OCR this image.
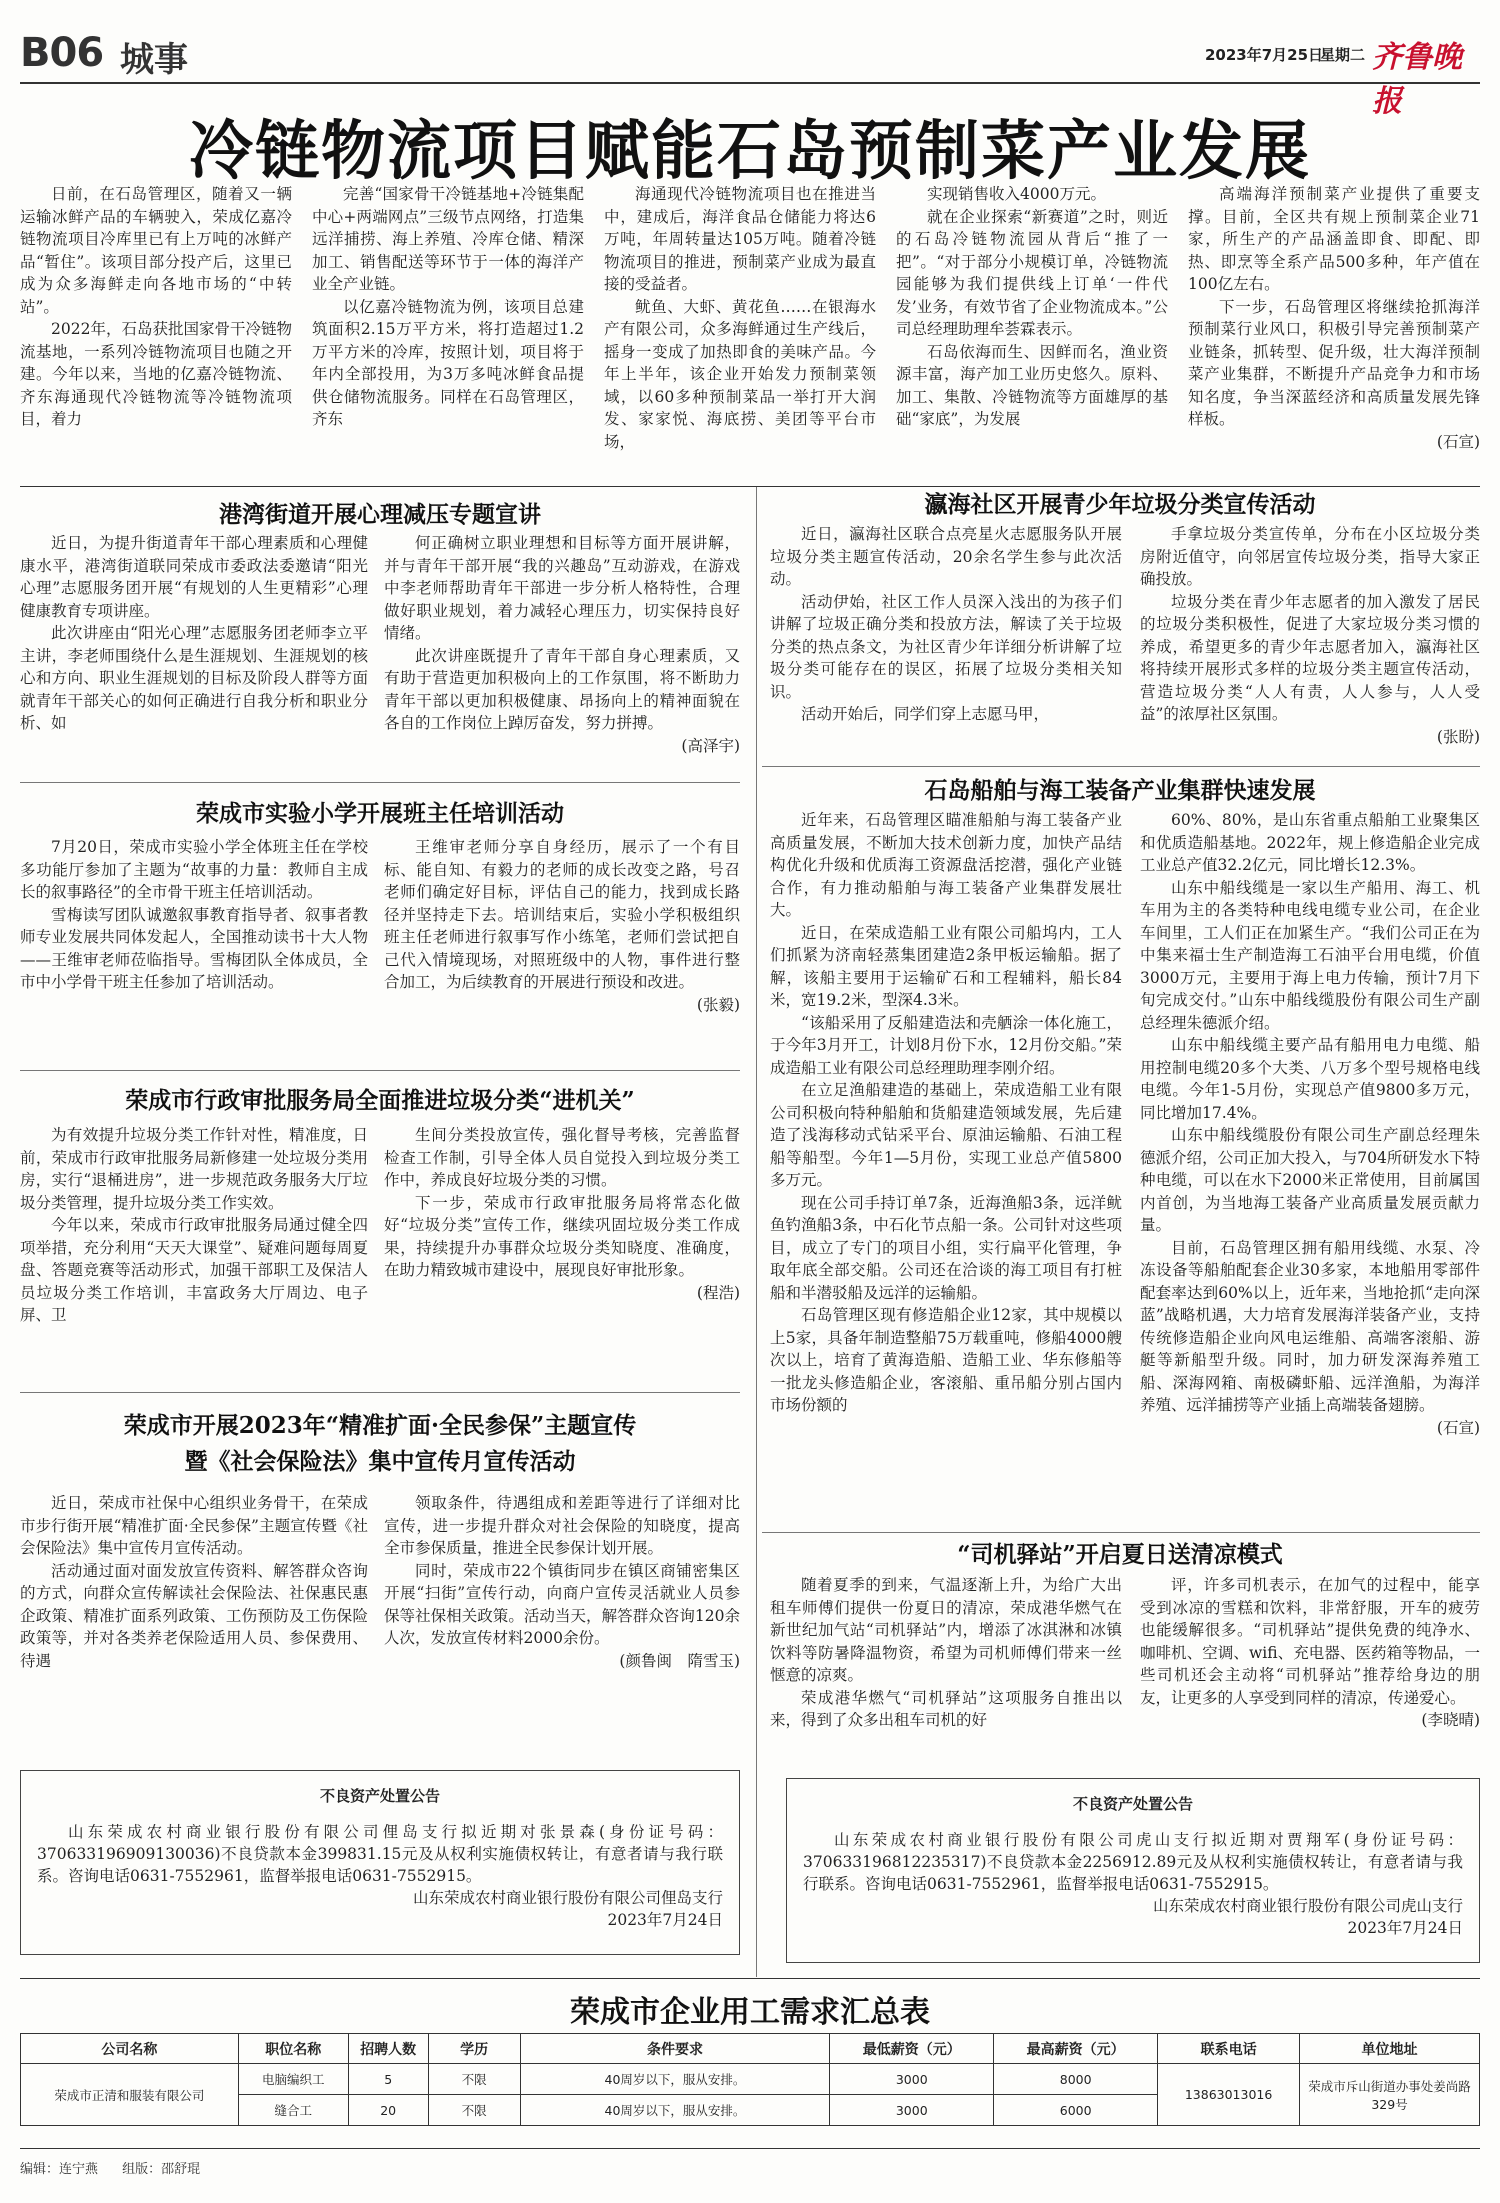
B06 城事	2023年7月25日
星期二 齐鲁晚报
冷链物流项目赋能石岛预制菜产业发展

日前，在石岛管理区，随着又一辆运输冰鲜产品的车辆驶入，荣成亿嘉冷链物流项目冷库里已有上万吨的冰鲜产品“暂住”。该项目部分投产后，这里已成为众多海鲜走向各地市场的“中转站”。

2022年，石岛获批国家骨干冷链物流基地，一系列冷链物流项目也随之开建。今年以来，当地的亿嘉冷链物流、齐东海通现代冷链物流等冷链物流项目，着力

完善“国家骨干冷链基地+冷链集配中心+两端网点”三级节点网络，打造集远洋捕捞、海上养殖、冷库仓储、精深加工、销售配送等环节于一体的海洋产业全产业链。

以亿嘉冷链物流为例，该项目总建筑面积2.15万平方米，将打造超过1.2万平方米的冷库，按照计划，项目将于年内全部投用，为3万多吨冰鲜食品提供仓储物流服务。同样在石岛管理区，齐东

海通现代冷链物流项目也在推进当中，建成后，海洋食品仓储能力将达6万吨，年周转量达105万吨。随着冷链物流项目的推进，预制菜产业成为最直接的受益者。

鱿鱼、大虾、黄花鱼……在银海水产有限公司，众多海鲜通过生产线后，摇身一变成了加热即食的美味产品。今年上半年，该企业开始发力预制菜领域，以60多种预制菜品一举打开大润发、家家悦、海底捞、美团等平台市场，

实现销售收入4000万元。

就在企业探索“新赛道”之时，则近的石岛冷链物流园从背后“推了一把”。“对于部分小规模订单，冷链物流园能够为我们提供线上订单‘一件代发’业务，有效节省了企业物流成本。”公司总经理助理牟荟霖表示。

石岛依海而生、因鲜而名，渔业资源丰富，海产加工业历史悠久。原料、加工、集散、冷链物流等方面雄厚的基础“家底”，为发展

高端海洋预制菜产业提供了重要支撑。目前，全区共有规上预制菜企业71家，所生产的产品涵盖即食、即配、即热、即烹等全系产品500多种，年产值在100亿左右。

下一步，石岛管理区将继续抢抓海洋预制菜行业风口，积极引导完善预制菜产业链条，抓转型、促升级，壮大海洋预制菜产业集群，不断提升产品竞争力和市场知名度，争当深蓝经济和高质量发展先锋样板。

(石宣)

港湾街道开展心理减压专题宣讲

近日，为提升街道青年干部心理素质和心理健康水平，港湾街道联同荣成市委政法委邀请“阳光心理”志愿服务团开展“有规划的人生更精彩”心理健康教育专项讲座。

此次讲座由“阳光心理”志愿服务团老师李立平主讲，李老师围绕什么是生涯规划、生涯规划的核心和方向、职业生涯规划的目标及阶段人群等方面就青年干部关心的如何正确进行自我分析和职业分析、如

何正确树立职业理想和目标等方面开展讲解，并与青年干部开展“我的兴趣岛”互动游戏，在游戏中李老师帮助青年干部进一步分析人格特性，合理做好职业规划，着力减轻心理压力，切实保持良好情绪。

此次讲座既提升了青年干部自身心理素质，又有助于营造更加积极向上的工作氛围，将不断助力青年干部以更加积极健康、昂扬向上的精神面貌在各自的工作岗位上踔厉奋发，努力拼搏。

(高泽宇)

荣成市实验小学开展班主任培训活动

7月20日，荣成市实验小学全体班主任在学校多功能厅参加了主题为“故事的力量：教师自主成长的叙事路径”的全市骨干班主任培训活动。

雪梅读写团队诚邀叙事教育指导者、叙事者教师专业发展共同体发起人，全国推动读书十大人物——王维审老师莅临指导。雪梅团队全体成员，全市中小学骨干班主任参加了培训活动。

王维审老师分享自身经历，展示了一个有目标、能自知、有毅力的老师的成长改变之路，号召老师们确定好目标，评估自己的能力，找到成长路径并坚持走下去。培训结束后，实验小学积极组织班主任老师进行叙事写作小练笔，老师们尝试把自己代入情境现场，对照班级中的人物，事件进行整合加工，为后续教育的开展进行预设和改进。

(张毅)

荣成市行政审批服务局全面推进垃圾分类“进机关”

为有效提升垃圾分类工作针对性，精准度，日前，荣成市行政审批服务局新修建一处垃圾分类用房，实行“退桶进房”，进一步规范政务服务大厅垃圾分类管理，提升垃圾分类工作实效。

今年以来，荣成市行政审批服务局通过健全四项举措，充分利用“天天大课堂”、疑难问题每周夏盘、答题竞赛等活动形式，加强干部职工及保洁人员垃圾分类工作培训，丰富政务大厅周边、电子屏、卫

生间分类投放宣传，强化督导考核，完善监督检查工作制，引导全体人员自觉投入到垃圾分类工作中，养成良好垃圾分类的习惯。

下一步，荣成市行政审批服务局将常态化做好“垃圾分类”宣传工作，继续巩固垃圾分类工作成果，持续提升办事群众垃圾分类知晓度、准确度，在助力精致城市建设中，展现良好审批形象。

(程浩)

荣成市开展2023年“精准扩面·全民参保”主题宣传
暨《社会保险法》集中宣传月宣传活动

近日，荣成市社保中心组织业务骨干，在荣成市步行街开展“精准扩面·全民参保”主题宣传暨《社会保险法》集中宣传月宣传活动。

活动通过面对面发放宣传资料、解答群众咨询的方式，向群众宣传解读社会保险法、社保惠民惠企政策、精准扩面系列政策、工伤预防及工伤保险政策等，并对各类养老保险适用人员、参保费用、待遇

领取条件，待遇组成和差距等进行了详细对比宣传，进一步提升群众对社会保险的知晓度，提高全市参保质量，推进全民参保计划开展。

同时，荣成市22个镇街同步在镇区商铺密集区开展“扫街”宣传行动，向商户宣传灵活就业人员参保等社保相关政策。活动当天，解答群众咨询120余人次，发放宣传材料2000余份。

(颜鲁闽　隋雪玉)

瀛海社区开展青少年垃圾分类宣传活动

近日，瀛海社区联合点亮星火志愿服务队开展垃圾分类主题宣传活动，20余名学生参与此次活动。

活动伊始，社区工作人员深入浅出的为孩子们讲解了垃圾正确分类和投放方法，解读了关于垃圾分类的热点条文，为社区青少年详细分析讲解了垃圾分类可能存在的误区，拓展了垃圾分类相关知识。

活动开始后，同学们穿上志愿马甲，

手拿垃圾分类宣传单，分布在小区垃圾分类房附近值守，向邻居宣传垃圾分类，指导大家正确投放。

垃圾分类在青少年志愿者的加入激发了居民的垃圾分类积极性，促进了大家垃圾分类习惯的养成，希望更多的青少年志愿者加入，瀛海社区将持续开展形式多样的垃圾分类主题宣传活动，营造垃圾分类“人人有责，人人参与，人人受益”的浓厚社区氛围。

(张盼)

石岛船舶与海工装备产业集群快速发展

近年来，石岛管理区瞄准船舶与海工装备产业高质量发展，不断加大技术创新力度，加快产品结构优化升级和优质海工资源盘活挖潜，强化产业链合作，有力推动船舶与海工装备产业集群发展壮大。

近日，在荣成造船工业有限公司船坞内，工人们抓紧为济南轻蒸集团建造2条甲板运输船。据了解，该船主要用于运输矿石和工程辅料，船长84米，宽19.2米，型深4.3米。

“该船采用了反船建造法和壳舾涂一体化施工，于今年3月开工，计划8月份下水，12月份交船。”荣成造船工业有限公司总经理助理李刚介绍。

在立足渔船建造的基础上，荣成造船工业有限公司积极向特种船舶和货船建造领域发展，先后建造了浅海移动式钻采平台、原油运输船、石油工程船等船型。今年1—5月份，实现工业总产值5800多万元。

现在公司手持订单7条，近海渔船3条，远洋鱿鱼钓渔船3条，中石化节点船一条。公司针对这些项目，成立了专门的项目小组，实行扁平化管理，争取年底全部交船。公司还在洽谈的海工项目有打桩船和半潜驳船及远洋的运输船。

石岛管理区现有修造船企业12家，其中规模以上5家，具备年制造整船75万载重吨，修船4000艘次以上，培育了黄海造船、造船工业、华东修船等一批龙头修造船企业，客滚船、重吊船分别占国内市场份额的

60%、80%，是山东省重点船舶工业聚集区和优质造船基地。2022年，规上修造船企业完成工业总产值32.2亿元，同比增长12.3%。

山东中船线缆是一家以生产船用、海工、机车用为主的各类特种电线电缆专业公司，在企业车间里，工人们正在加紧生产。“我们公司正在为中集来福士生产制造海工石油平台用电缆，价值3000万元，主要用于海上电力传输，预计7月下旬完成交付。”山东中船线缆股份有限公司生产副总经理朱德派介绍。

山东中船线缆主要产品有船用电力电缆、船用控制电缆20多个大类、八万多个型号规格电线电缆。今年1-5月份，实现总产值9800多万元，同比增加17.4%。

山东中船线缆股份有限公司生产副总经理朱德派介绍，公司正加大投入，与704所研发水下特种电缆，可以在水下2000米正常使用，目前属国内首创，为当地海工装备产业高质量发展贡献力量。

目前，石岛管理区拥有船用线缆、水泵、冷冻设备等船舶配套企业30多家，本地船用零部件配套率达到60%以上，近年来，当地抢抓“走向深蓝”战略机遇，大力培育发展海洋装备产业，支持传统修造船企业向风电运维船、高端客滚船、游艇等新船型升级。同时，加力研发深海养殖工船、深海网箱、南极磷虾船、远洋渔船，为海洋养殖、远洋捕捞等产业插上高端装备翅膀。

(石宣)

“司机驿站”开启夏日送清凉模式

随着夏季的到来，气温逐渐上升，为给广大出租车师傅们提供一份夏日的清凉，荣成港华燃气在新世纪加气站“司机驿站”内，增添了冰淇淋和冰镇饮料等防暑降温物资，希望为司机师傅们带来一丝惬意的凉爽。

荣成港华燃气“司机驿站”这项服务自推出以来，得到了众多出租车司机的好

评，许多司机表示，在加气的过程中，能享受到冰凉的雪糕和饮料，非常舒服，开车的疲劳也能缓解很多。“司机驿站”提供免费的纯净水、咖啡机、空调、wifi、充电器、医药箱等物品，一些司机还会主动将“司机驿站”推荐给身边的朋友，让更多的人享受到同样的清凉，传递爱心。

(李晓晴)

不良资产处置公告
山东荣成农村商业银行股份有限公司俚岛支行拟近期对张景森(身份证号码：370633196909130036)不良贷款本金399831.15元及从权利实施债权转让，有意者请与我行联系。咨询电话0631-7552961，监督举报电话0631-7552915。
山东荣成农村商业银行股份有限公司俚岛支行
2023年7月24日
不良资产处置公告
山东荣成农村商业银行股份有限公司虎山支行拟近期对贾翔军(身份证号码：370633196812235317)不良贷款本金2256912.89元及从权利实施债权转让，有意者请与我行联系。咨询电话0631-7552961，监督举报电话0631-7552915。
山东荣成农村商业银行股份有限公司虎山支行
2023年7月24日
荣成市企业用工需求汇总表
公司名称	职位名称	招聘人数	学历	条件要求	最低薪资（元）	最高薪资（元）	联系电话	单位地址
荣成市正清和服装有限公司	电脑编织工	5	不限	40周岁以下，服从安排。	3000	8000	13863013016	荣成市斥山街道办事处姜尚路329号
	缝合工	20	不限	40周岁以下，服从安排。	3000	6000		
编辑：连宁燕 组版：邵舒琨
